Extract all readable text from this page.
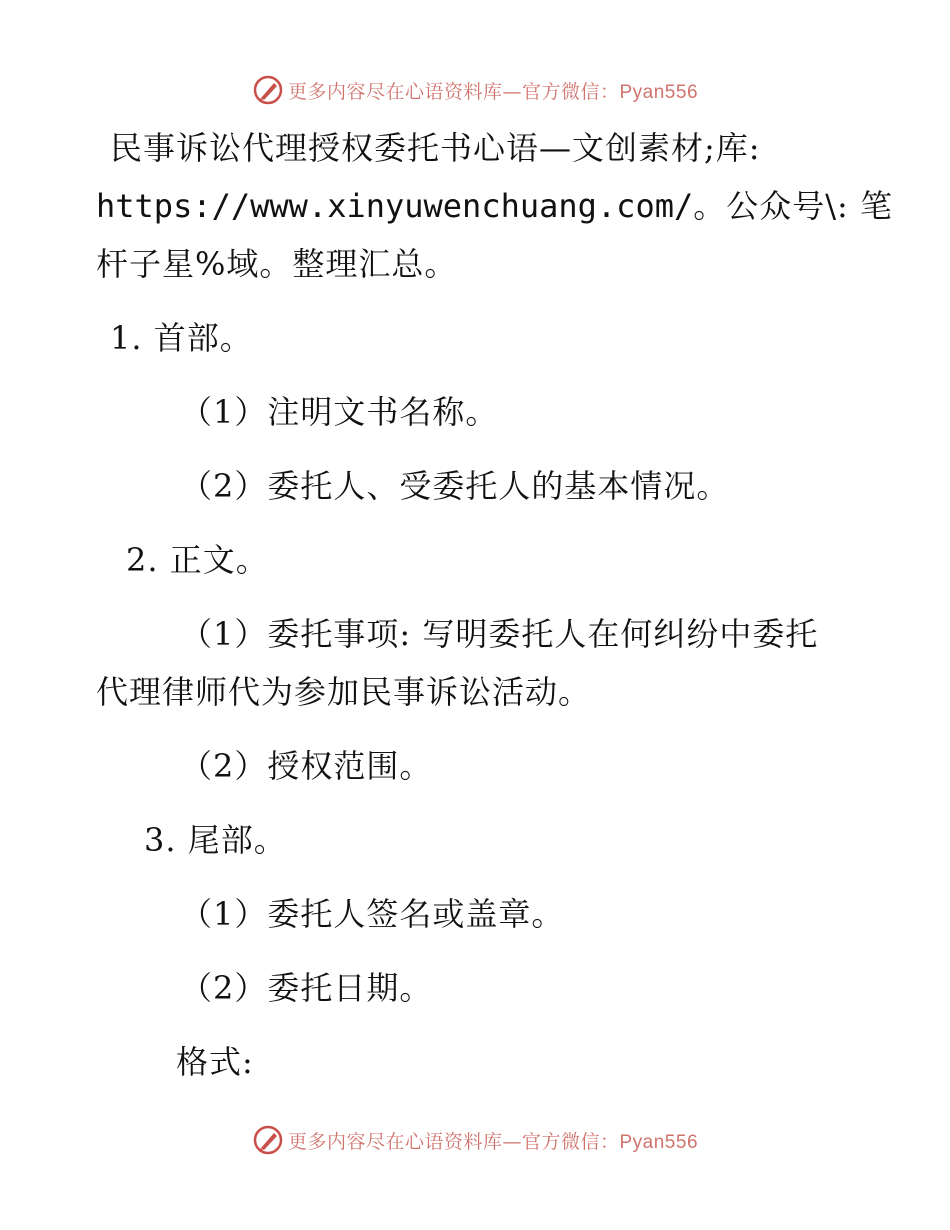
更多内容尽在心语资料库—官方微信：Pyan556
民事诉讼代理授权委托书心语—文创素材;库:
https://www.xinyuwenchuang.com/。公众号\: 笔
杆子星%域。整理汇总。
1. 首部。
（1）注明文书名称。
（2）委托人、受委托人的基本情况。
2. 正文。
（1）委托事项: 写明委托人在何纠纷中委托
代理律师代为参加民事诉讼活动。
（2）授权范围。
3. 尾部。
（1）委托人签名或盖章。
（2）委托日期。
格式:
更多内容尽在心语资料库—官方微信：Pyan556
